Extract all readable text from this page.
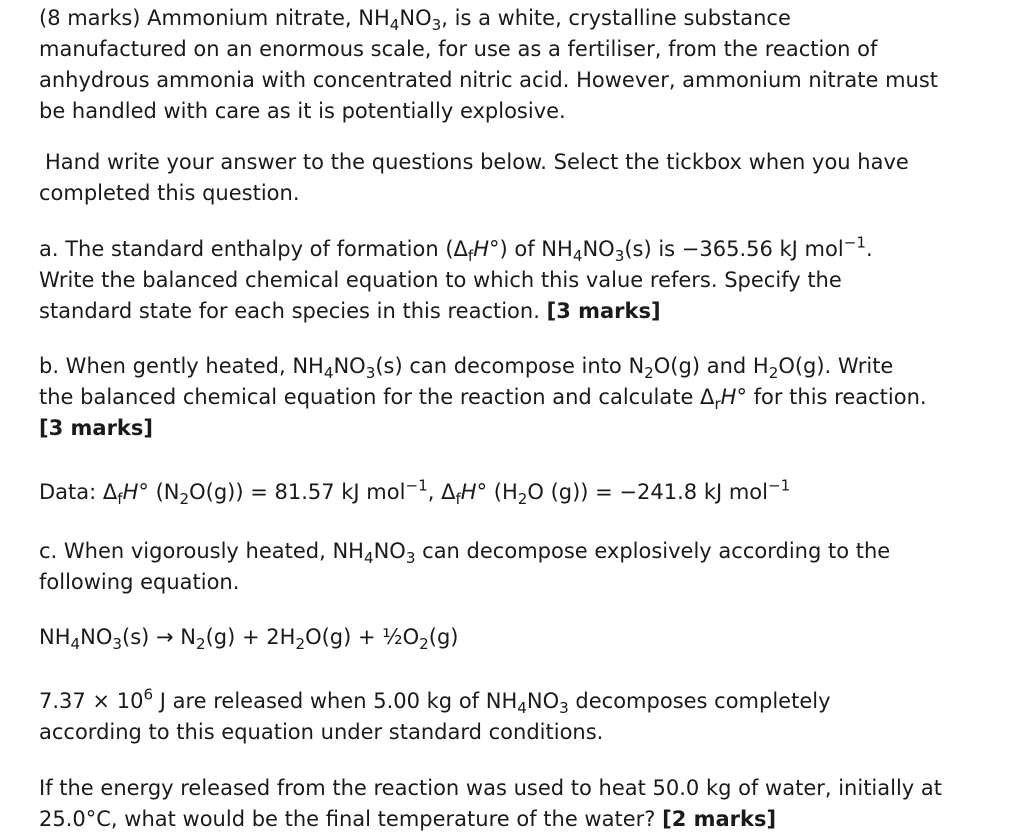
(8 marks) Ammonium nitrate, $NH_4NO_3$, is a white, crystalline substance
manufactured on an enormous scale, for use as a fertiliser, from the reaction of
anhydrous ammonia with concentrated nitric acid. However, ammonium nitrate must
be handled with care as it is potentially explosive.
Hand write your answer to the questions below. Select the tickbox when you have
completed this question.
a. The standard enthalpy of formation $(\Delta_fH^\circ)$ of $NH_4NO_3(s)$ is −365.56 kJ mol$^{-1}$.
Write the balanced chemical equation to which this value refers. Specify the
standard state for each species in this reaction. [3 marks]
b. When gently heated, $NH_4NO_3(s)$ can decompose into $N_2O(g)$ and $H_2O(g)$. Write
the balanced chemical equation for the reaction and calculate $\Delta_rH^\circ$ for this reaction.
[3 marks]
Data: $\Delta_fH^\circ$ $(N_2O(g)) = 81.57$ kJ mol$^{-1}$, $\Delta_fH^\circ$ ($H_2O$ (g)) = −241.8 kJ mol$^{-1}$
c. When vigorously heated, $NH_4NO_3$ can decompose explosively according to the
following equation.
$NH_4NO_3(s) \to N_2(g) + 2H_2O(g)$ + $\frac{1}{2}O_2(g)$
$7.37 \times 10^6$ J are released when 5.00 kg of $NH_4NO_3$ decomposes completely
according to this equation under standard conditions.
If the energy released from the reaction was used to heat 50.0 kg of water, initially at
25.0°C, what would be the final temperature of the water? [2 marks]
